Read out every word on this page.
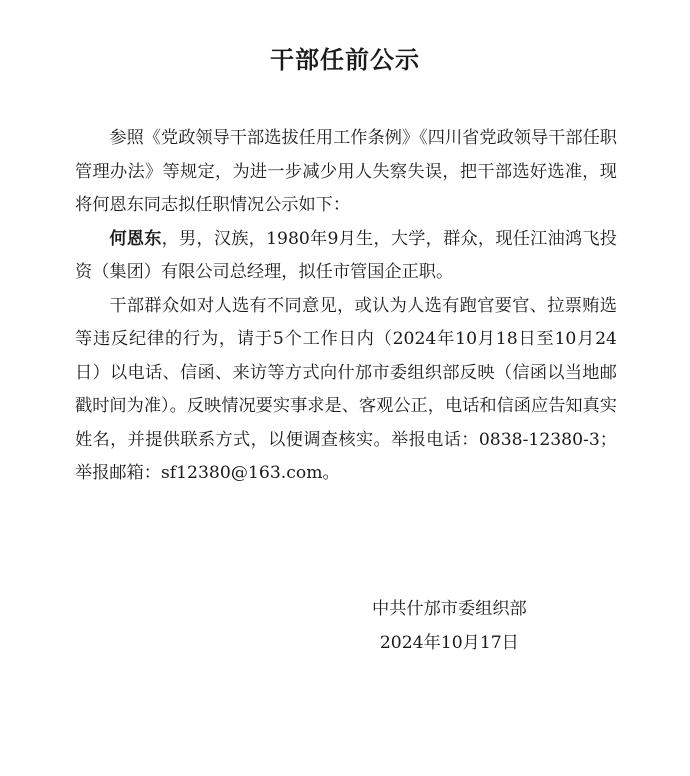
干部任前公示

参照《党政领导干部选拔任用工作条例》《四川省党政领导干部任职管理办法》等规定，为进一步减少用人失察失误，把干部选好选准，现将何恩东同志拟任职情况公示如下：

何恩东，男，汉族，1980年9月生，大学，群众，现任江油鸿飞投资（集团）有限公司总经理，拟任市管国企正职。

干部群众如对人选有不同意见，或认为人选有跑官要官、拉票贿选等违反纪律的行为，请于5个工作日内（2024年10月18日至10月24日）以电话、信函、来访等方式向什邡市委组织部反映（信函以当地邮戳时间为准）。反映情况要实事求是、客观公正，电话和信函应告知真实姓名，并提供联系方式，以便调查核实。举报电话：0838-12380-3；举报邮箱：sf12380@163.com。

中共什邡市委组织部
2024年10月17日
